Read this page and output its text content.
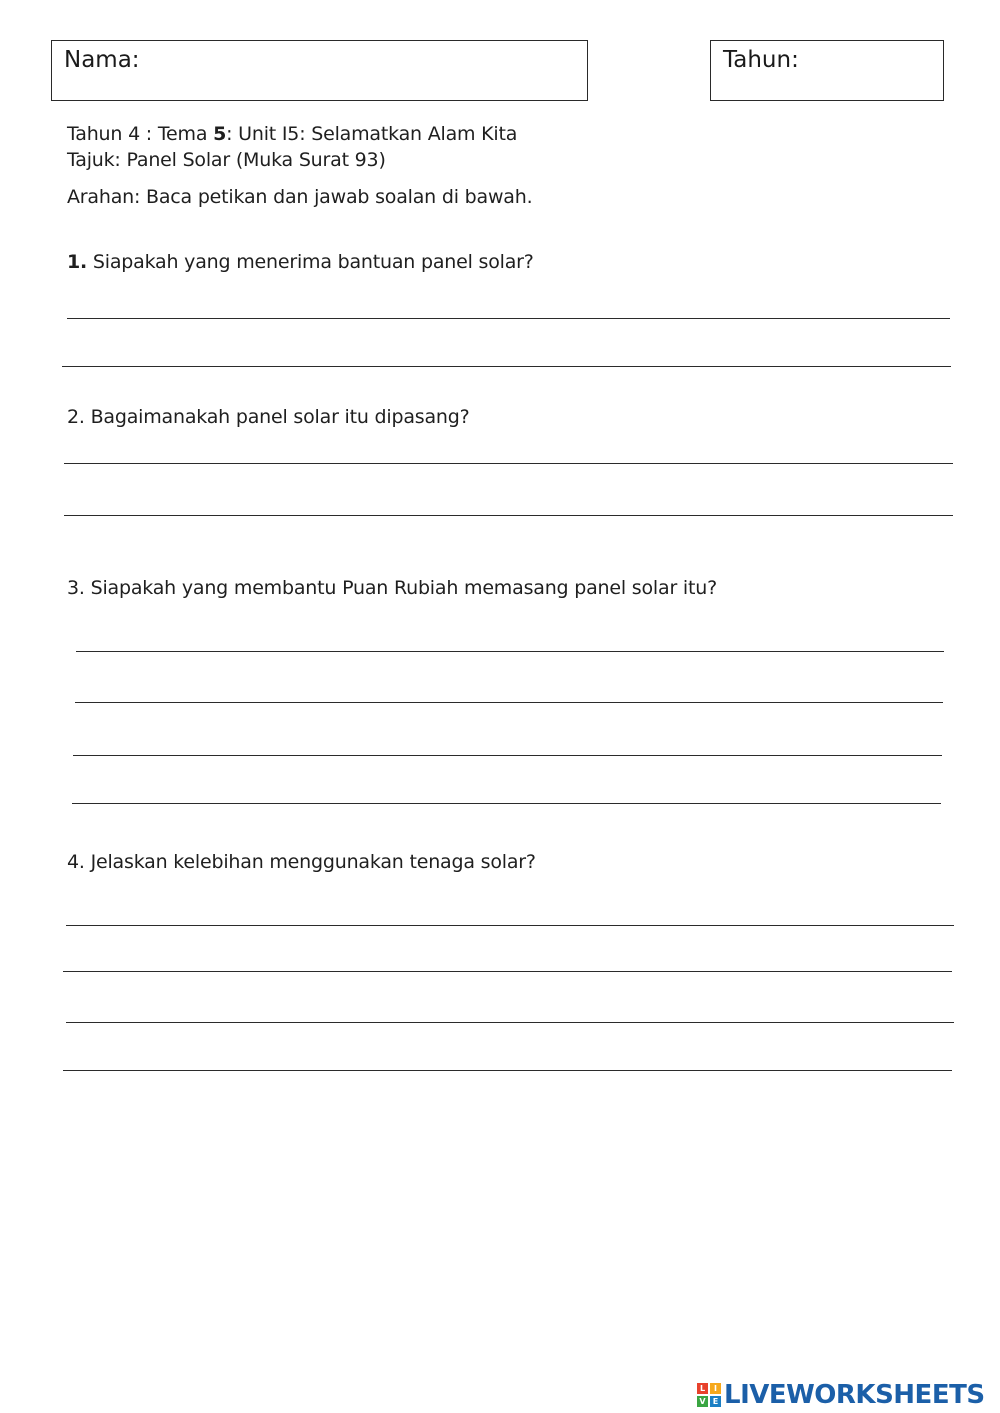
Nama:	Tahun:
Tahun 4 : Tema 5: Unit I5: Selamatkan Alam Kita
Tajuk: Panel Solar (Muka Surat 93)
Arahan: Baca petikan dan jawab soalan di bawah.
1. Siapakah yang menerima bantuan panel solar?
2. Bagaimanakah panel solar itu dipasang?
3. Siapakah yang membantu Puan Rubiah memasang panel solar itu?
4. Jelaskan kelebihan menggunakan tenaga solar?
L	I
V E LIVEWORKSHEETS
